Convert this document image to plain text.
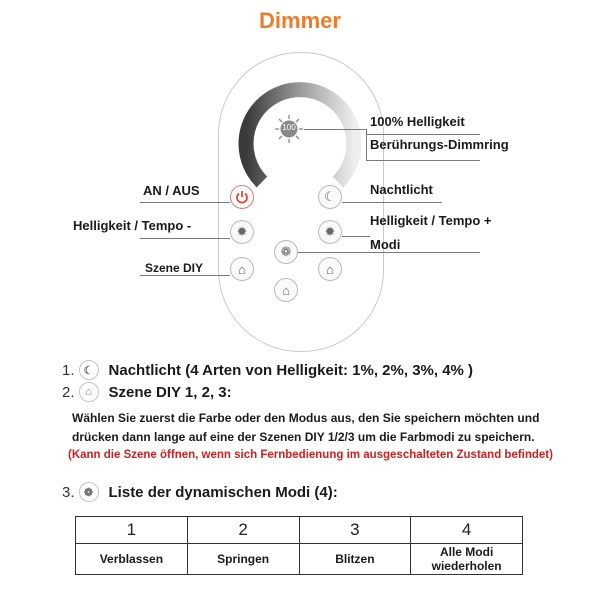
Dimmer
100
☾
✹	✹
❁
⌂	⌂
⌂
100% Helligkeit
Berührungs-Dimmring
AN / AUS	Nachtlicht
Helligkeit / Tempo -	Helligkeit / Tempo +
Modi
Szene DIY
1. ☾	Nachtlicht (4 Arten von Helligkeit: 1%, 2%, 3%, 4% )
2. ⌂	Szene DIY 1, 2, 3:
Wählen Sie zuerst die Farbe oder den Modus aus, den Sie speichern möchten und
drücken dann lange auf eine der Szenen DIY 1/2/3 um die Farbmodi zu speichern.
(Kann die Szene öffnen, wenn sich Fernbedienung im ausgeschalteten Zustand befindet)
3. ❁	Liste der dynamischen Modi (4):
1	2	3	4
Verblassen	Springen	Blitzen	Alle Modi wiederholen
